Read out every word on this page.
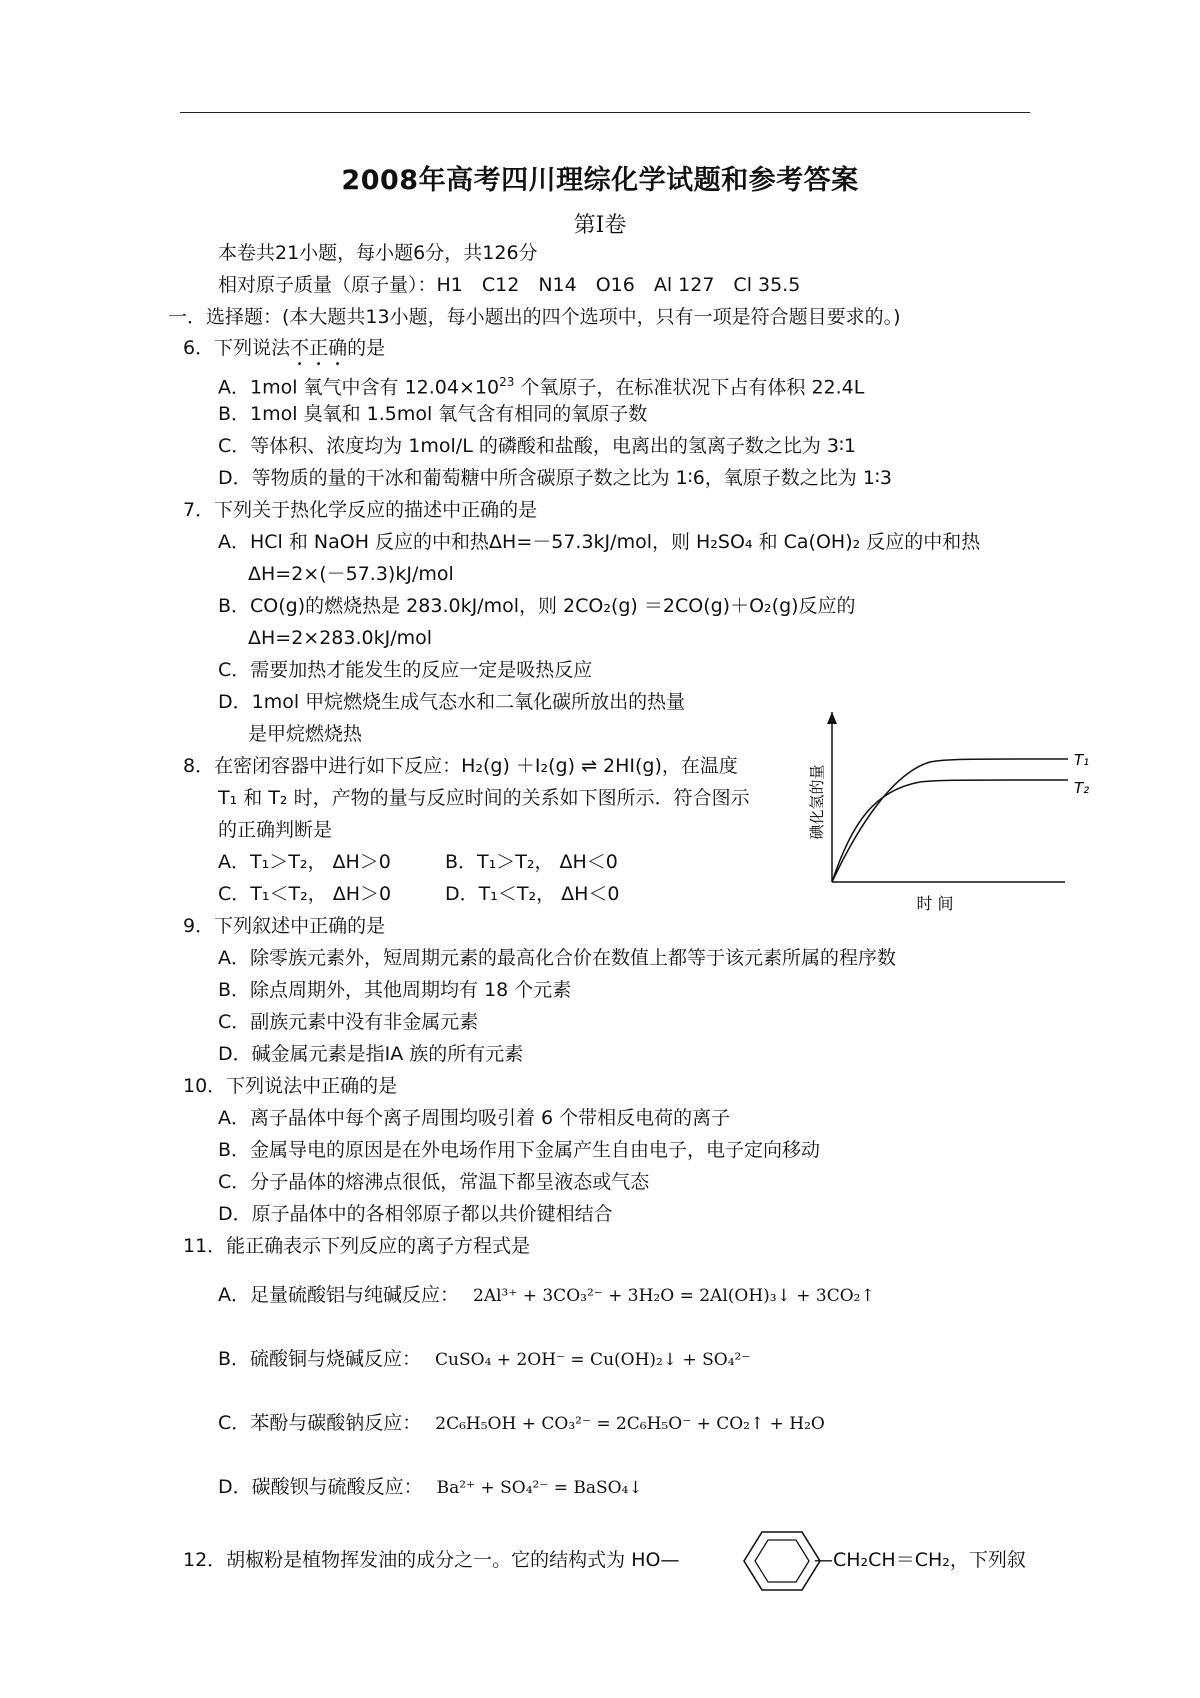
2008年高考四川理综化学试题和参考答案
第Ⅰ卷
本卷共21小题，每小题6分，共126分
相对原子质量（原子量）：H1　C12　N14　O16　Al 127　Cl 35.5
一．选择题：(本大题共13小题，每小题出的四个选项中，只有一项是符合题目要求的。)
6．下列说法不正确的是
A．1mol 氧气中含有 $12.04\times 10^{23}$ 个氧原子，在标准状况下占有体积 22.4L
B．1mol 臭氧和 1.5mol 氧气含有相同的氧原子数
C．等体积、浓度均为 1mol/L 的磷酸和盐酸，电离出的氢离子数之比为 3∶1
D．等物质的量的干冰和葡萄糖中所含碳原子数之比为 1∶6，氧原子数之比为 1∶3
7．下列关于热化学反应的描述中正确的是
A．HCl 和 NaOH 反应的中和热ΔH=－57.3kJ/mol，则 H₂SO₄ 和 Ca(OH)₂ 反应的中和热
ΔH=2×(－57.3)kJ/mol
B．CO(g)的燃烧热是 283.0kJ/mol，则 2CO₂(g) ＝2CO(g)＋O₂(g)反应的
ΔH=2×283.0kJ/mol
C．需要加热才能发生的反应一定是吸热反应
D．1mol 甲烷燃烧生成气态水和二氧化碳所放出的热量
是甲烷燃烧热
8．在密闭容器中进行如下反应：H₂(g) ＋I₂(g) ⇌ 2HI(g)，在温度
T₁ 和 T₂ 时，产物的量与反应时间的关系如下图所示．符合图示
的正确判断是
A．T₁＞T₂， ΔH＞0	B．T₁＞T₂， ΔH＜0
C．T₁＜T₂， ΔH＞0	D．T₁＜T₂， ΔH＜0
T₁
T₂
碘化氢的量
时 间
9．下列叙述中正确的是
A．除零族元素外，短周期元素的最高化合价在数值上都等于该元素所属的程序数
B．除点周期外，其他周期均有 18 个元素
C．副族元素中没有非金属元素
D．碱金属元素是指ⅠA 族的所有元素
10．下列说法中正确的是
A．离子晶体中每个离子周围均吸引着 6 个带相反电荷的离子
B．金属导电的原因是在外电场作用下金属产生自由电子，电子定向移动
C．分子晶体的熔沸点很低，常温下都呈液态或气态
D．原子晶体中的各相邻原子都以共价键相结合
11．能正确表示下列反应的离子方程式是
A．足量硫酸铝与纯碱反应： 2Al³⁺ + 3CO₃²⁻ + 3H₂O = 2Al(OH)₃↓ + 3CO₂↑
B．硫酸铜与烧碱反应： CuSO₄ + 2OH⁻ = Cu(OH)₂↓ + SO₄²⁻
C．苯酚与碳酸钠反应： 2C₆H₅OH + CO₃²⁻ = 2C₆H₅O⁻ + CO₂↑ + H₂O
D．碳酸钡与硫酸反应： Ba²⁺ + SO₄²⁻ = BaSO₄↓
12．胡椒粉是植物挥发油的成分之一。它的结构式为 HO—	—CH₂CH＝CH₂，下列叙
